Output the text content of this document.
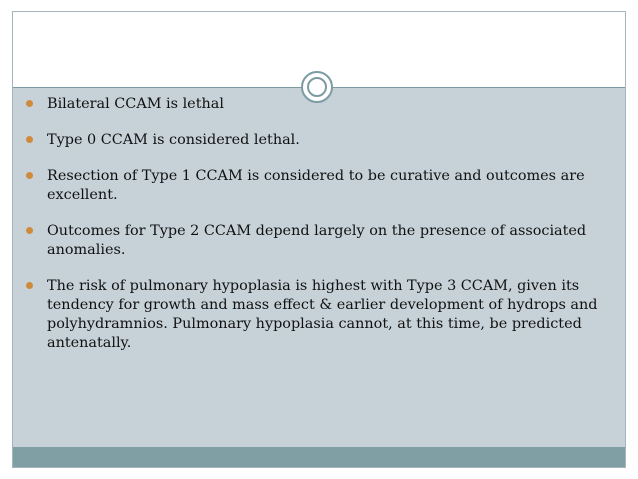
Bilateral CCAM is lethal
Type 0 CCAM is considered lethal.
Resection of Type 1 CCAM is considered to be curative and outcomes are excellent.
Outcomes for Type 2 CCAM depend largely on the presence of associated anomalies.
The risk of pulmonary hypoplasia is highest with Type 3 CCAM, given its tendency for growth and mass effect & earlier development of hydrops and polyhydramnios. Pulmonary hypoplasia cannot, at this time, be predicted antenatally.
